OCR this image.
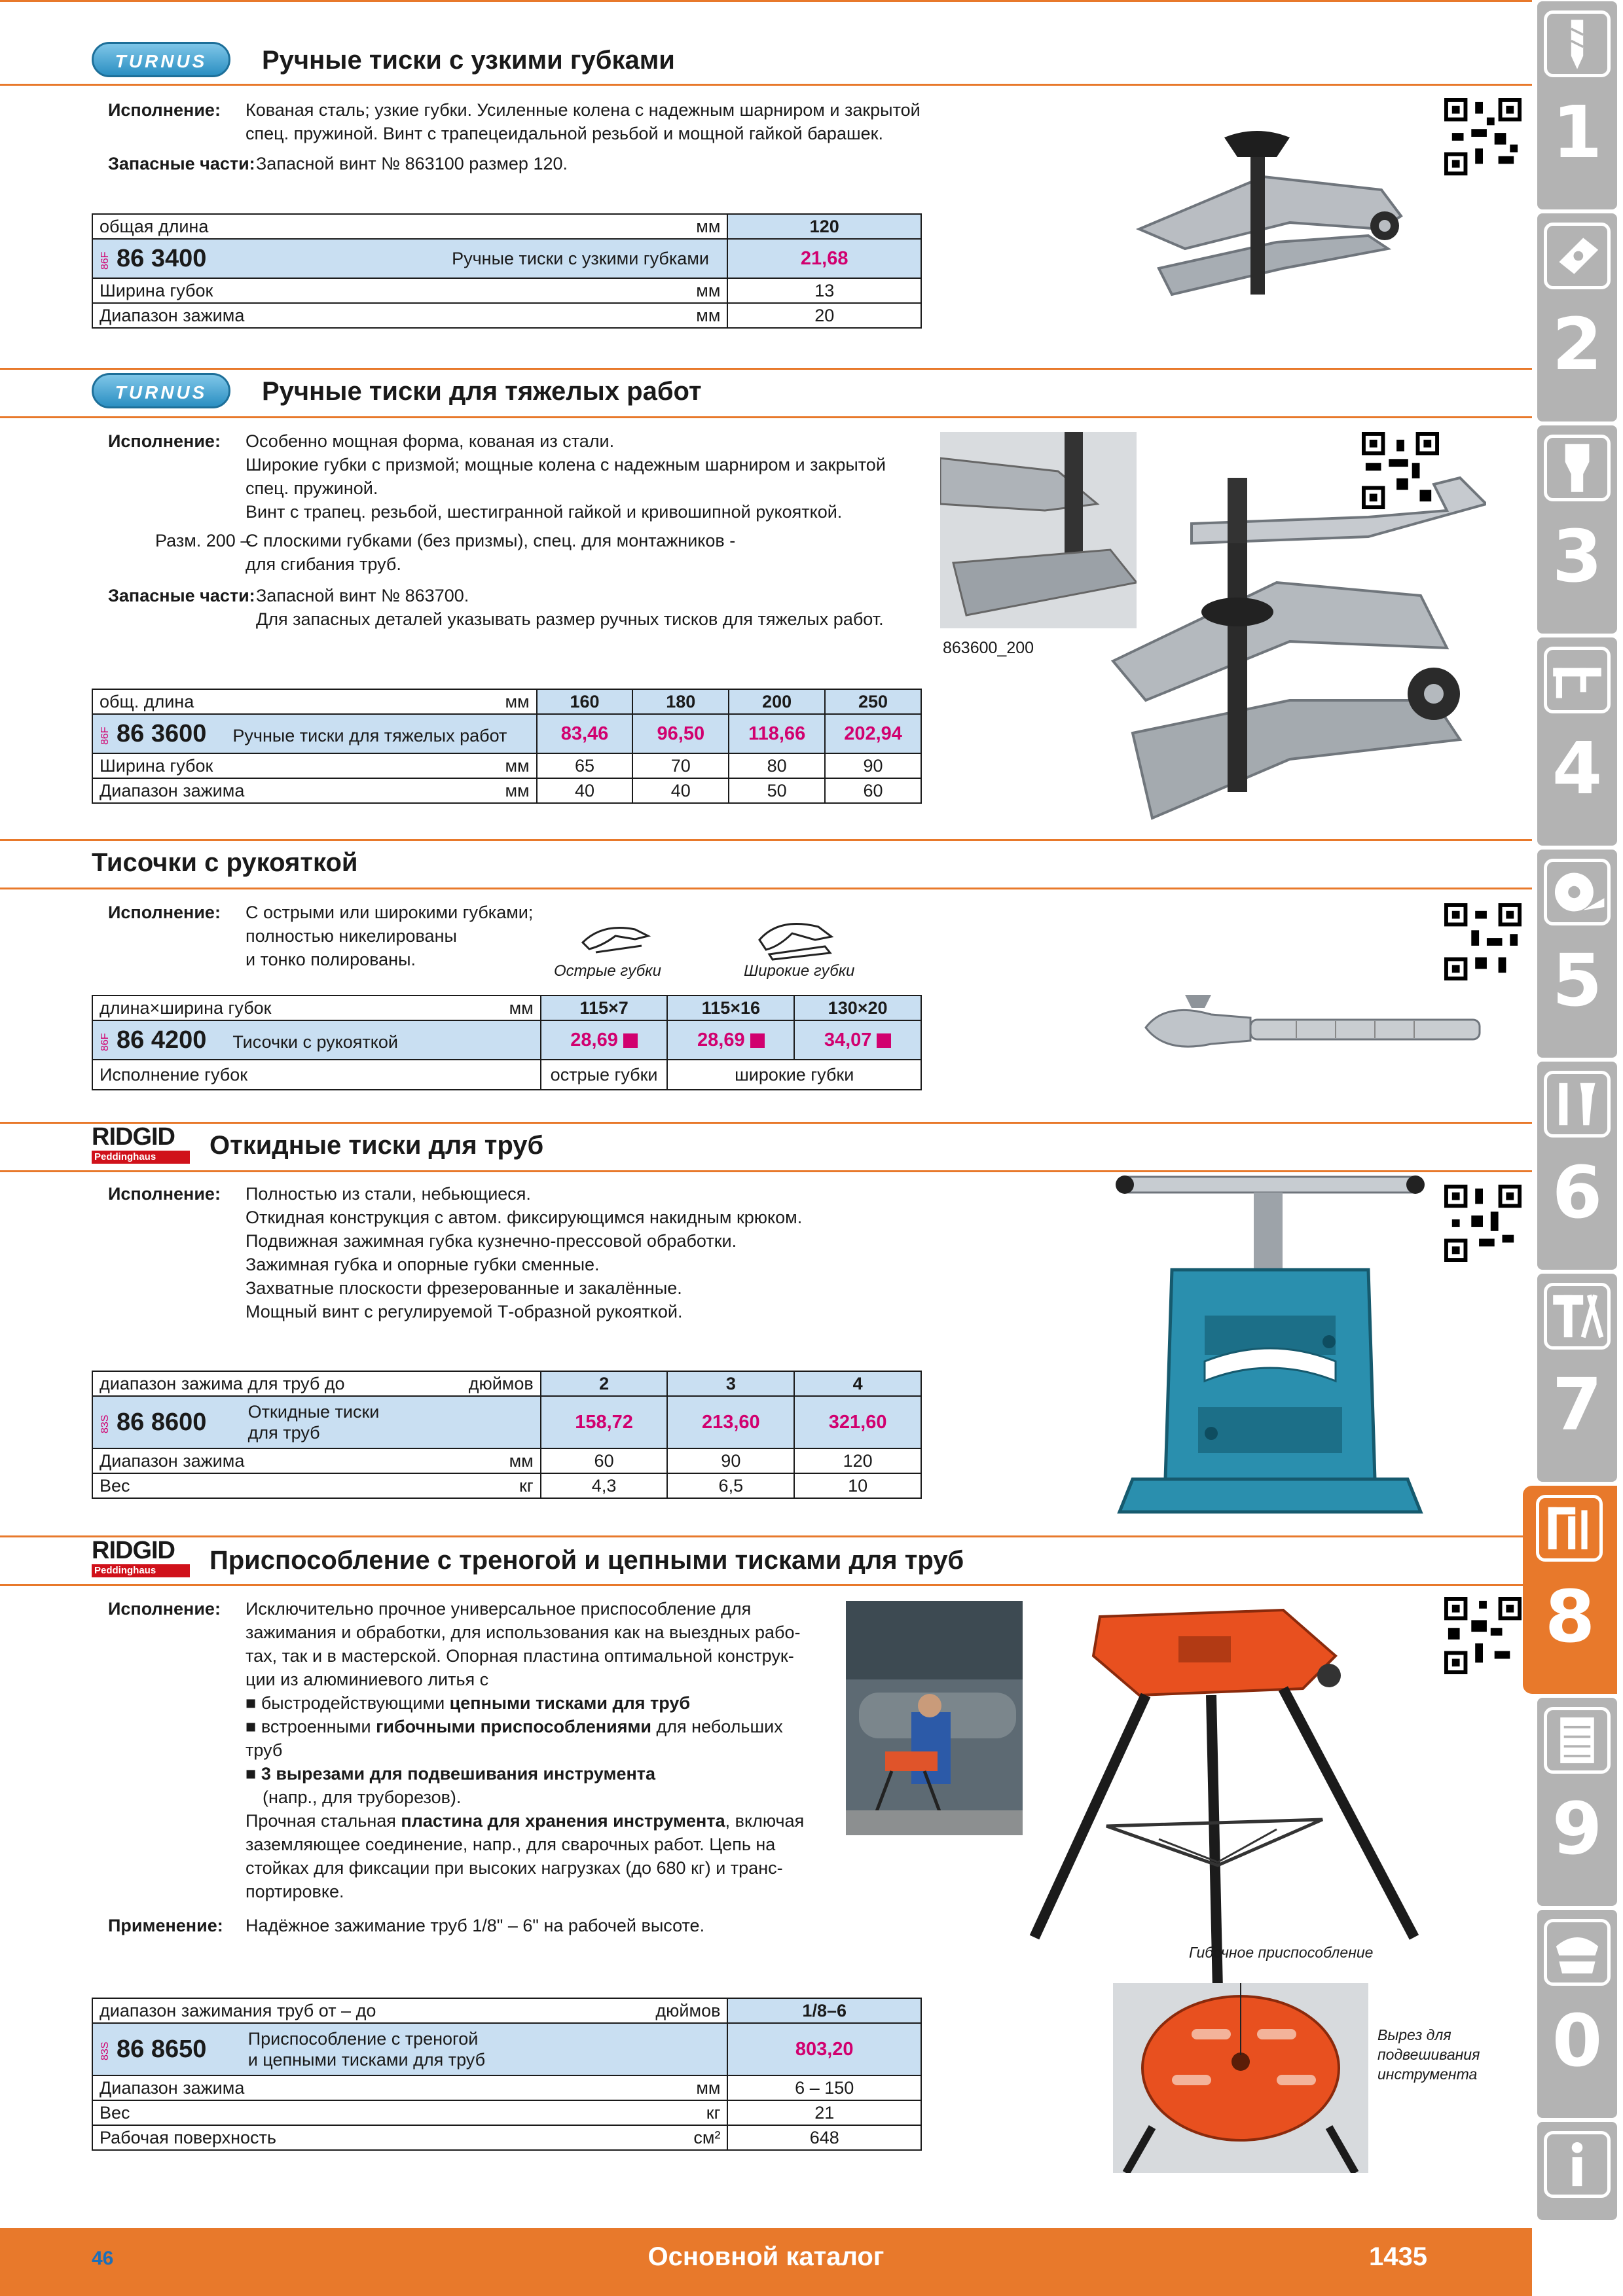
TURNUS	Ручные тиски с узкими губками
Исполнение: Кованая сталь; узкие губки. Усиленные колена с надежным шарниром и закрытой
спец. пружиной. Винт с трапецеидальной резьбой и мощной гайкой барашек.
Запасные части: Запасной винт № 863100 размер 120.
общая длина	мм	120
86F 86 3400	Ручные тиски с узкими губками	21,68
Ширина губок	мм	13
Диапазон зажима	мм	20
TURNUS	Ручные тиски для тяжелых работ
Исполнение: Особенно мощная форма, кованая из стали.
Широкие губки с призмой; мощные колена с надежным шарниром и закрытой
спец. пружиной.
Винт с трапец. резьбой, шестигранной гайкой и кривошипной рукояткой.
Разм. 200 –
С плоскими губками (без призмы), спец. для монтажников -
для сгибания труб.
Запасные части: Запасной винт № 863700.
Для запасных деталей указывать размер ручных тисков для тяжелых работ.
общ. длина	мм	160	180	200	250
86F 86 3600 Ручные тиски для тяжелых работ		83,46	96,50	118,66	202,94
Ширина губок	мм	65	70	80	90
Диапазон зажима	мм	40	40	50	60
863600_200
Тисочки с рукояткой
Исполнение: С острыми или широкими губками;
полностью никелированы
и тонко полированы.
Острые губки	Широкие губки
длина×ширина губок	мм	115×7	115×16	130×20
86F 86 4200 Тисочки с рукояткой		28,69	28,69	34,07
Исполнение губок		острые губки	широкие губки	
RIDGID
Peddinghaus	Откидные тиски для труб
Исполнение: Полностью из стали, небьющиеся.
Откидная конструкция с автом. фиксирующимся накидным крюком.
Подвижная зажимная губка кузнечно-прессовой обработки.
Зажимная губка и опорные губки сменные.
Захватные плоскости фрезерованные и закалённые.
Мощный винт с регулируемой Т-образной рукояткой.
диапазон зажима для труб до		дюймов	2	3	4
83S 86 8600	Откидные тиски
для труб		158,72	213,60	321,60
Диапазон зажима		мм	60	90	120
Вес		кг	4,3	6,5	10
RIDGID
Peddinghaus	Приспособление с треногой и цепными тисками для труб
Исполнение: Исключительно прочное универсальное приспособление для
зажимания и обработки, для использования как на выездных рабо-
тах, так и в мастерской. Опорная пластина оптимальной конструк-
ции из алюминиевого литья с
■ быстродействующими цепными тисками для труб
■ встроенными гибочными приспособлениями для небольших
труб
■ 3 вырезами для подвешивания инструмента
(напр., для труборезов).
Прочная стальная пластина для хранения инструмента, включая
заземляющее соединение, напр., для сварочных работ. Цепь на
стойках для фиксации при высоких нагрузках (до 680 кг) и транс-
портировке.
Применение: Надёжное зажимание труб 1/8" – 6" на рабочей высоте.
Гибочное приспособление
Вырез для
подвешивания
инструмента
диапазон зажимания труб от – до		дюймов	1/8–6
83S 86 8650	Приспособление с треногой
и цепными тисками для труб		803,20
Диапазон зажима		мм	6 – 150
Вес		кг	21
Рабочая поверхность		см²	648
46	Основной каталог	1435
1
2
3
4
5
6
7
8
9
0
